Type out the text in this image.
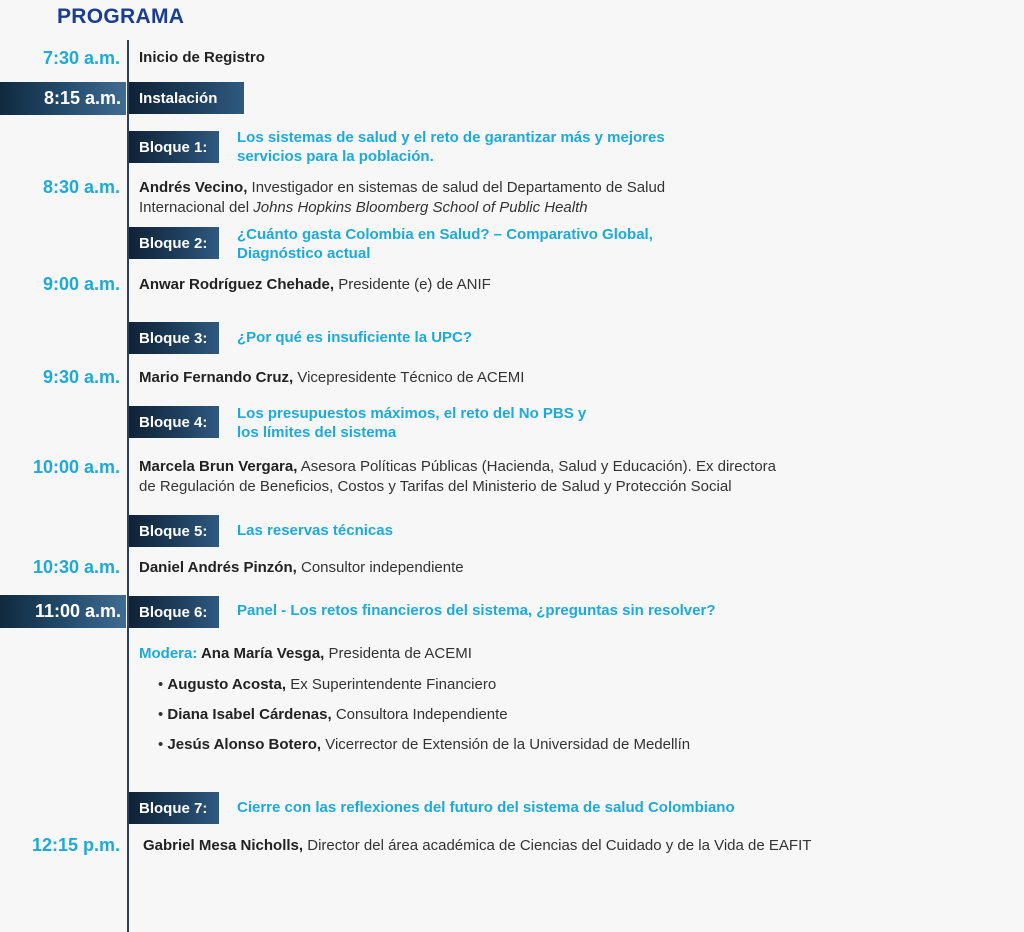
PROGRAMA
7:30 a.m. Inicio de Registro
8:15 a.m.	Instalación
Bloque 1:
Los sistemas de salud y el reto de garantizar más y mejores
servicios para la población.
8:30 a.m. Andrés Vecino, Investigador en sistemas de salud del Departamento de Salud
Internacional del Johns Hopkins Bloomberg School of Public Health
Bloque 2:	¿Cuánto gasta Colombia en Salud? – Comparativo Global,
Diagnóstico actual
9:00 a.m. Anwar Rodríguez Chehade, Presidente (e) de ANIF
Bloque 3:	¿Por qué es insuficiente la UPC?
9:30 a.m. Mario Fernando Cruz, Vicepresidente Técnico de ACEMI
Bloque 4:	Los presupuestos máximos, el reto del No PBS y
los límites del sistema
10:00 a.m. Marcela Brun Vergara, Asesora Políticas Públicas (Hacienda, Salud y Educación). Ex directora
de Regulación de Beneficios, Costos y Tarifas del Ministerio de Salud y Protección Social
Bloque 5:	Las reservas técnicas
10:30 a.m. Daniel Andrés Pinzón, Consultor independiente
11:00 a.m.	Bloque 6:	Panel - Los retos financieros del sistema, ¿preguntas sin resolver?
Modera: Ana María Vesga, Presidenta de ACEMI
• Augusto Acosta, Ex Superintendente Financiero
• Diana Isabel Cárdenas, Consultora Independiente
• Jesús Alonso Botero, Vicerrector de Extensión de la Universidad de Medellín
Bloque 7:	Cierre con las reflexiones del futuro del sistema de salud Colombiano
12:15 p.m. Gabriel Mesa Nicholls, Director del área académica de Ciencias del Cuidado y de la Vida de EAFIT
